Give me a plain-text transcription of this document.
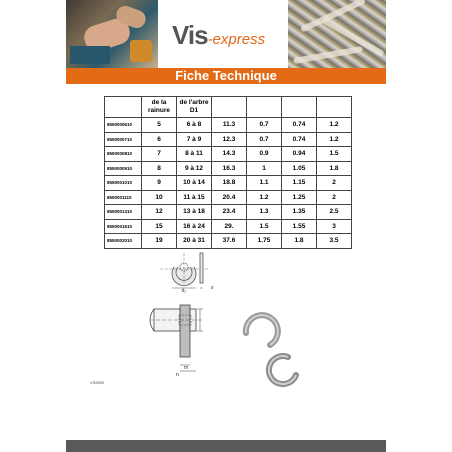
Vis-express
Fiche Technique
	de la rainure	de l'arbre D1				
8550000610	5	6 à 8	11.3	0.7	0.74	1.2
8550000710	6	7 à 9	12.3	0.7	0.74	1.2
8550000810	7	8 à 11	14.3	0.9	0.94	1.5
8550000910	8	9 à 12	16.3	1	1.05	1.8
8550001010	9	10 à 14	18.8	1.1	1.15	2
8550001110	10	11 à 15	20.4	1.2	1.25	2
8550001310	12	13 à 18	23.4	1.3	1.35	2.5
8550001610	15	16 à 24	29.	1.5	1.55	3
8550002010	19	20 à 31	37.6	1.75	1.8	3.5
d₂	s
m
n
VS8550
